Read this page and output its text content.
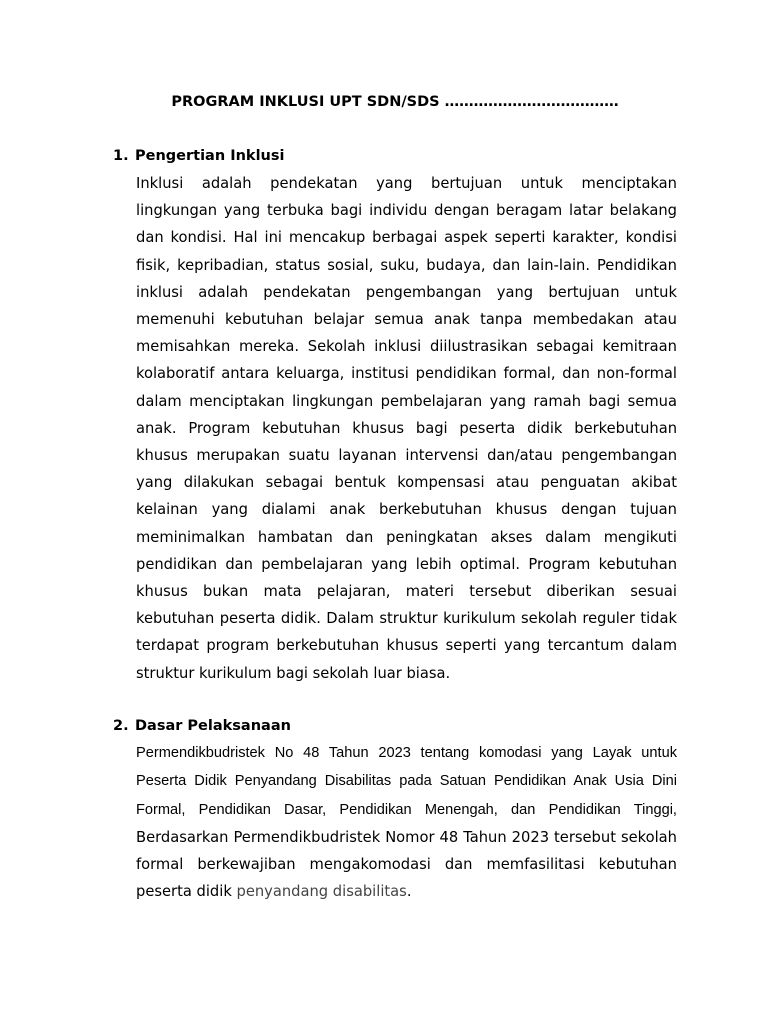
PROGRAM INKLUSI UPT SDN/SDS ………………………………
1. Pengertian Inklusi

Inklusi adalah pendekatan yang bertujuan untuk menciptakan lingkungan yang terbuka bagi individu dengan beragam latar belakang dan kondisi. Hal ini mencakup berbagai aspek seperti karakter, kondisi fisik, kepribadian, status sosial, suku, budaya, dan lain-lain. Pendidikan inklusi adalah pendekatan pengembangan yang bertujuan untuk memenuhi kebutuhan belajar semua anak tanpa membedakan atau memisahkan mereka. Sekolah inklusi diilustrasikan sebagai kemitraan kolaboratif antara keluarga, institusi pendidikan formal, dan non-formal dalam menciptakan lingkungan pembelajaran yang ramah bagi semua anak. Program kebutuhan khusus bagi peserta didik berkebutuhan khusus merupakan suatu layanan intervensi dan/atau pengembangan yang dilakukan sebagai bentuk kompensasi atau penguatan akibat kelainan yang dialami anak berkebutuhan khusus dengan tujuan meminimalkan hambatan dan peningkatan akses dalam mengikuti pendidikan dan pembelajaran yang lebih optimal. Program kebutuhan khusus bukan mata pelajaran, materi tersebut diberikan sesuai kebutuhan peserta didik. Dalam struktur kurikulum sekolah reguler tidak terdapat program berkebutuhan khusus seperti yang tercantum dalam struktur kurikulum bagi sekolah luar biasa.

2. Dasar Pelaksanaan

Permendikbudristek No 48 Tahun 2023 tentang komodasi yang Layak untuk Peserta Didik Penyandang Disabilitas pada Satuan Pendidikan Anak Usia Dini Formal, Pendidikan Dasar, Pendidikan Menengah, dan Pendidikan Tinggi, Berdasarkan Permendikbudristek Nomor 48 Tahun 2023 tersebut sekolah formal berkewajiban mengakomodasi dan memfasilitasi kebutuhan peserta didik penyandang disabilitas.
